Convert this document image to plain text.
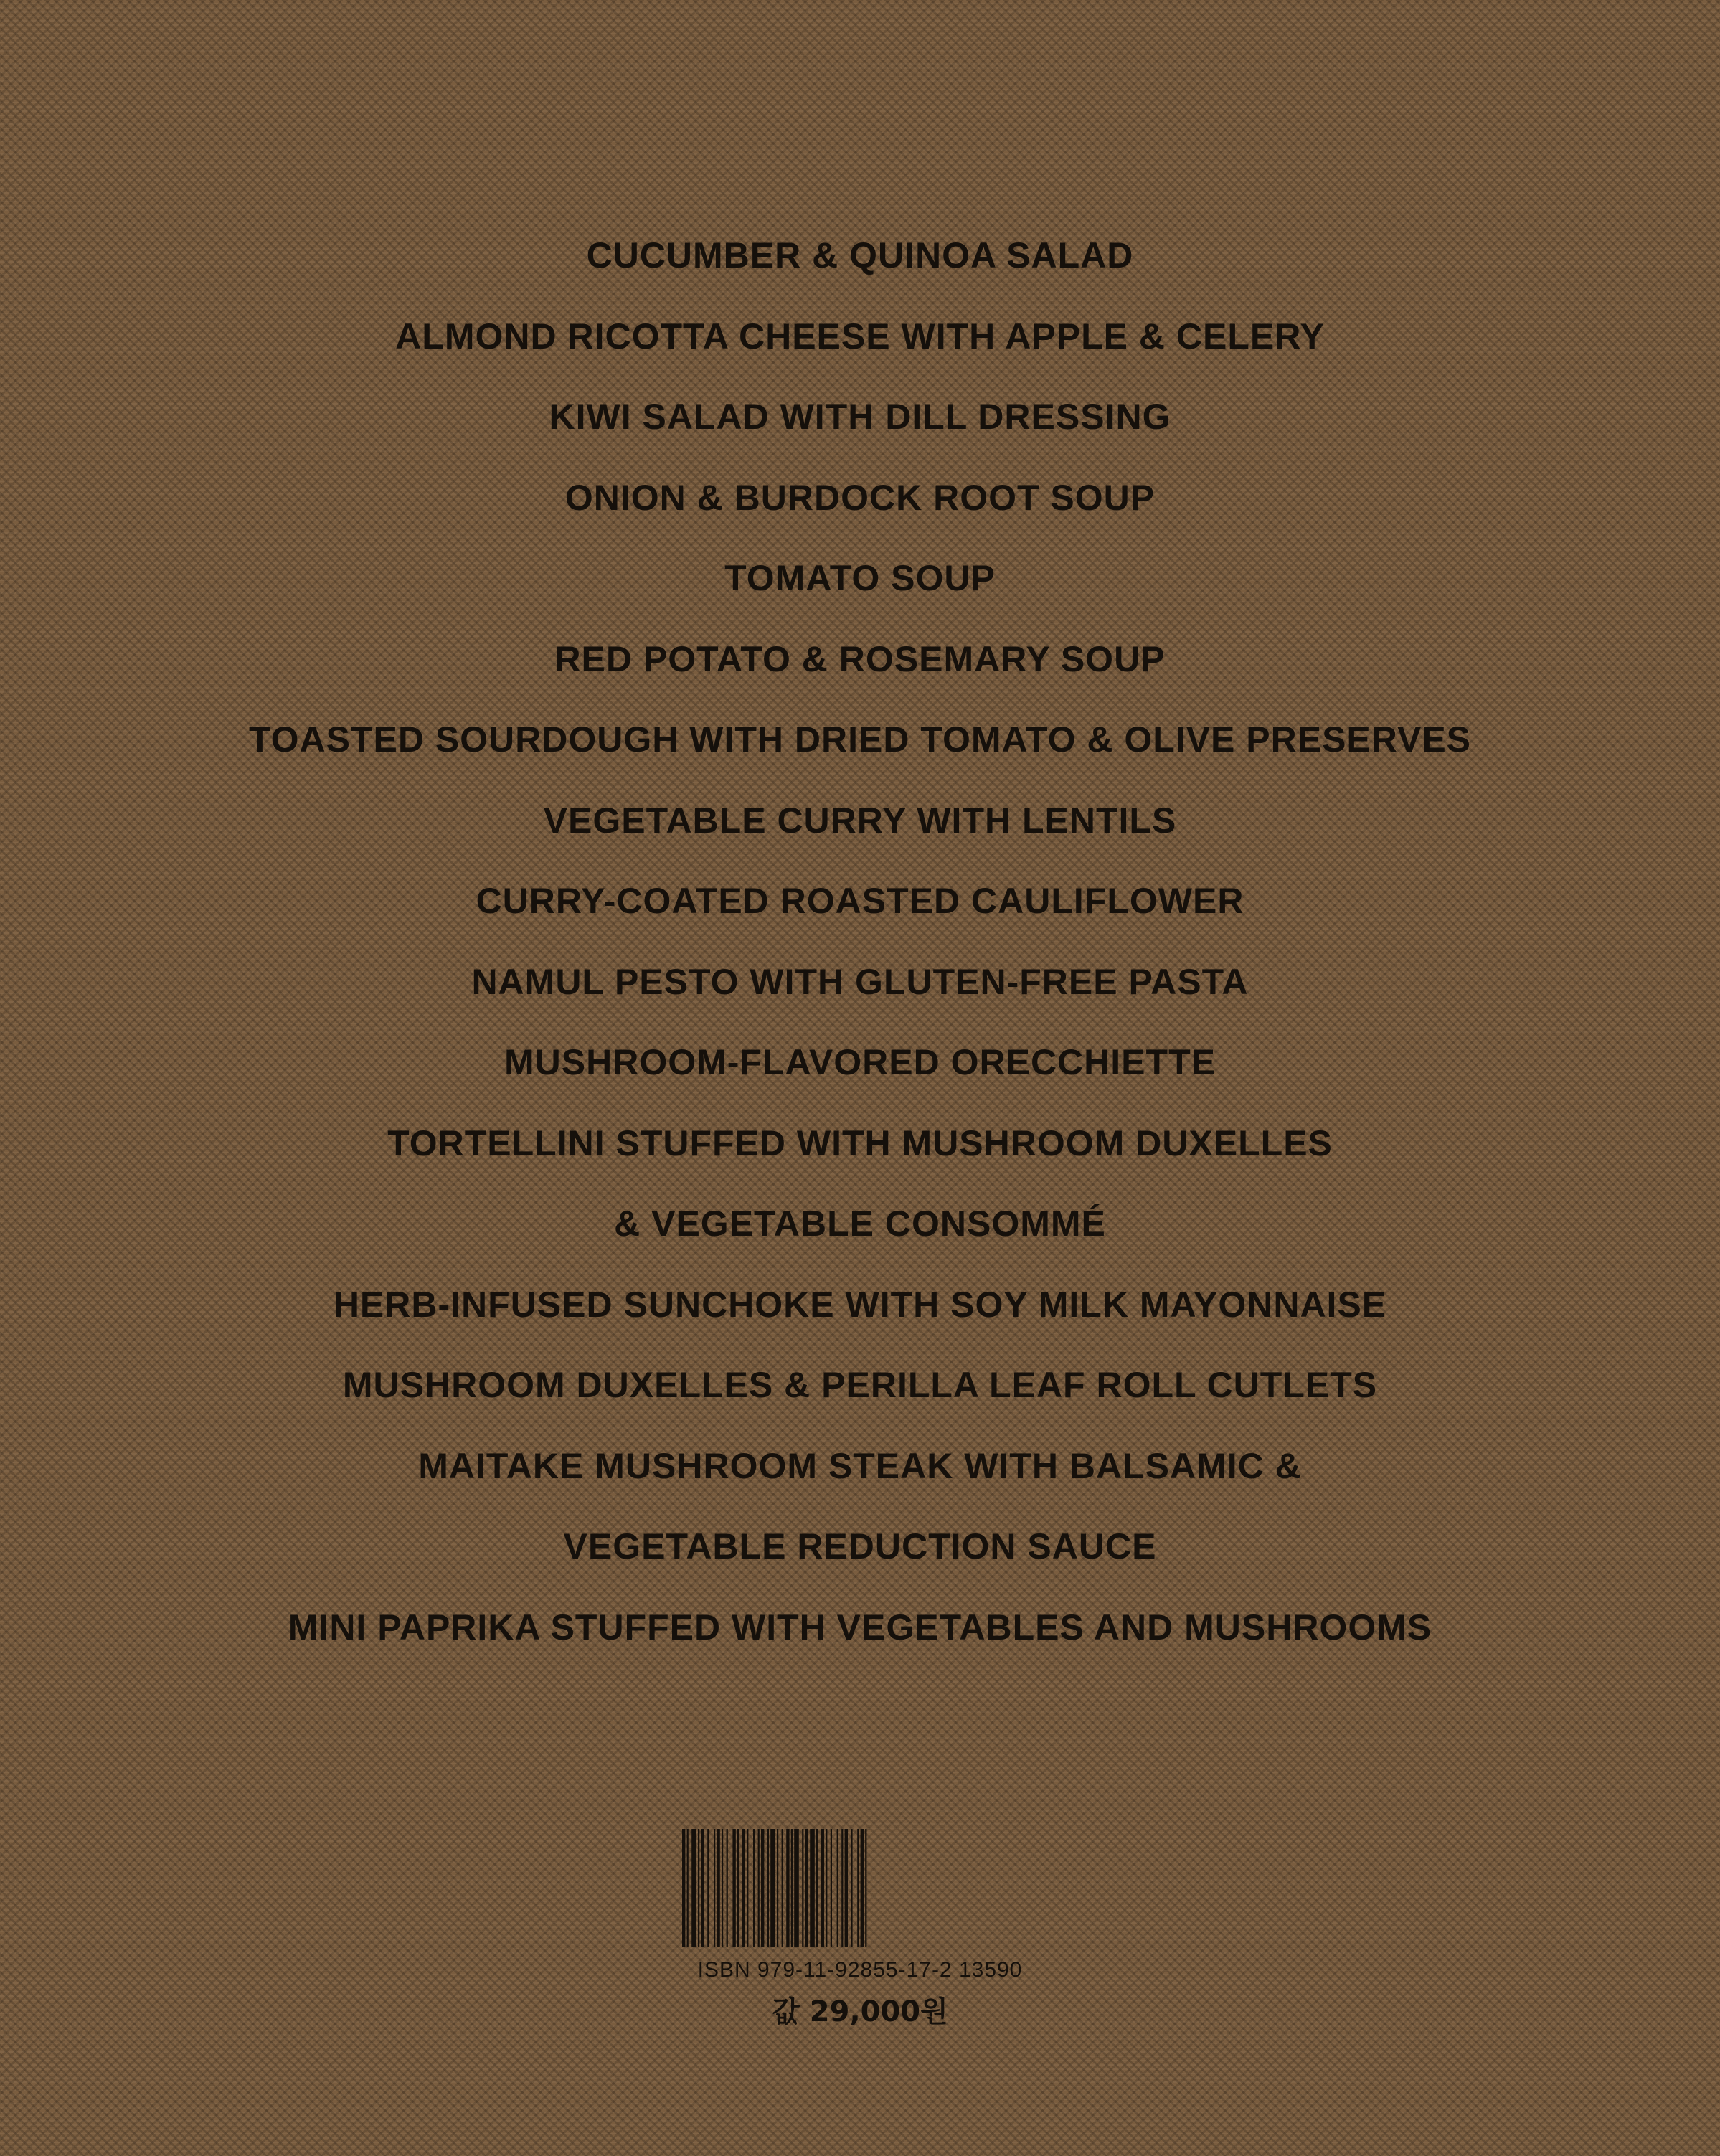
CUCUMBER & QUINOA SALAD
ALMOND RICOTTA CHEESE WITH APPLE & CELERY
KIWI SALAD WITH DILL DRESSING
ONION & BURDOCK ROOT SOUP
TOMATO SOUP
RED POTATO & ROSEMARY SOUP
TOASTED SOURDOUGH WITH DRIED TOMATO & OLIVE PRESERVES
VEGETABLE CURRY WITH LENTILS
CURRY-COATED ROASTED CAULIFLOWER
NAMUL PESTO WITH GLUTEN-FREE PASTA
MUSHROOM-FLAVORED ORECCHIETTE
TORTELLINI STUFFED WITH MUSHROOM DUXELLES
& VEGETABLE CONSOMMÉ
HERB-INFUSED SUNCHOKE WITH SOY MILK MAYONNAISE
MUSHROOM DUXELLES & PERILLA LEAF ROLL CUTLETS
MAITAKE MUSHROOM STEAK WITH BALSAMIC &
VEGETABLE REDUCTION SAUCE
MINI PAPRIKA STUFFED WITH VEGETABLES AND MUSHROOMS
ISBN 979-11-92855-17-2 13590
값 29,000원
